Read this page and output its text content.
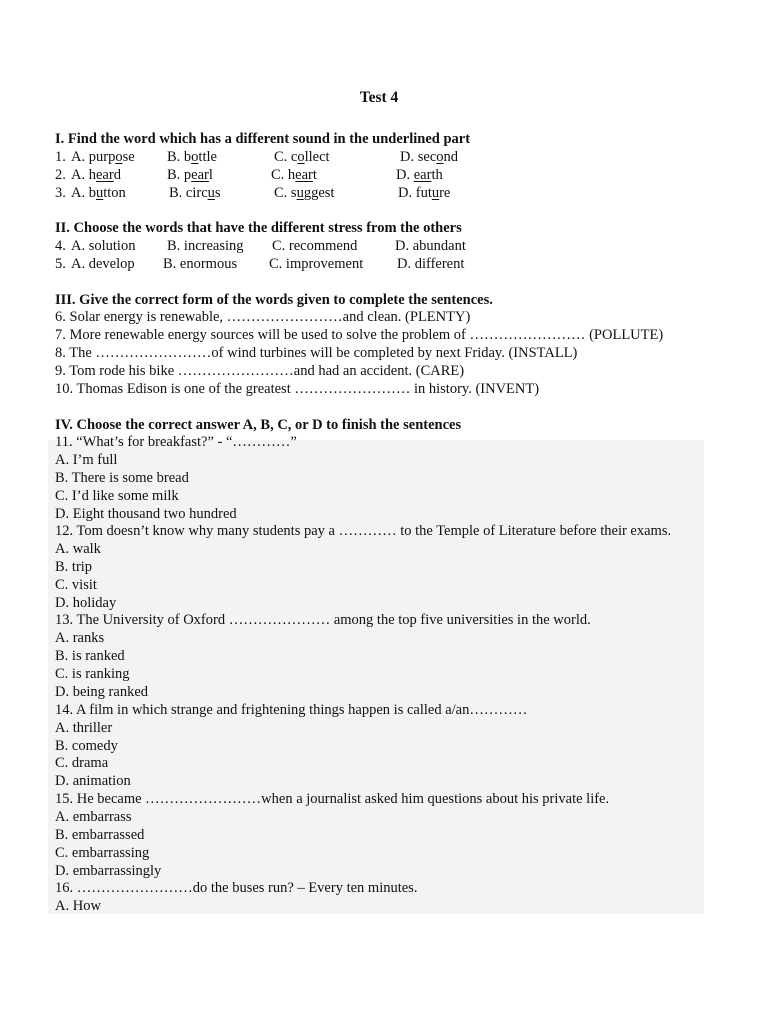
Test 4
I. Find the word which has a different sound in the underlined part
1. A. purpose B. bottle	C. collect	D. second
2. A. heard	B. pearl	C. heart	D. earth
3. A. button	B. circus	C. suggest	D. future
II. Choose the words that have the different stress from the others
4. A. solution B. increasing C. recommend	D. abundant
5. A. develop B. enormous C. improvement D. different
III. Give the correct form of the words given to complete the sentences.
6. Solar energy is renewable, ……………………and clean. (PLENTY)
7. More renewable energy sources will be used to solve the problem of …………………… (POLLUTE)
8. The ……………………of wind turbines will be completed by next Friday. (INSTALL)
9. Tom rode his bike ……………………and had an accident. (CARE)
10. Thomas Edison is one of the greatest …………………… in history. (INVENT)
IV. Choose the correct answer A, B, C, or D to finish the sentences
11. “What’s for breakfast?” - “…………”
A. I’m full
B. There is some bread
C. I’d like some milk
D. Eight thousand two hundred
12. Tom doesn’t know why many students pay a ………… to the Temple of Literature before their exams.
A. walk
B. trip
C. visit
D. holiday
13. The University of Oxford ………………… among the top five universities in the world.
A. ranks
B. is ranked
C. is ranking
D. being ranked
14. A film in which strange and frightening things happen is called a/an…………
A. thriller
B. comedy
C. drama
D. animation
15. He became ……………………when a journalist asked him questions about his private life.
A. embarrass
B. embarrassed
C. embarrassing
D. embarrassingly
16. ……………………do the buses run? – Every ten minutes.
A. How
